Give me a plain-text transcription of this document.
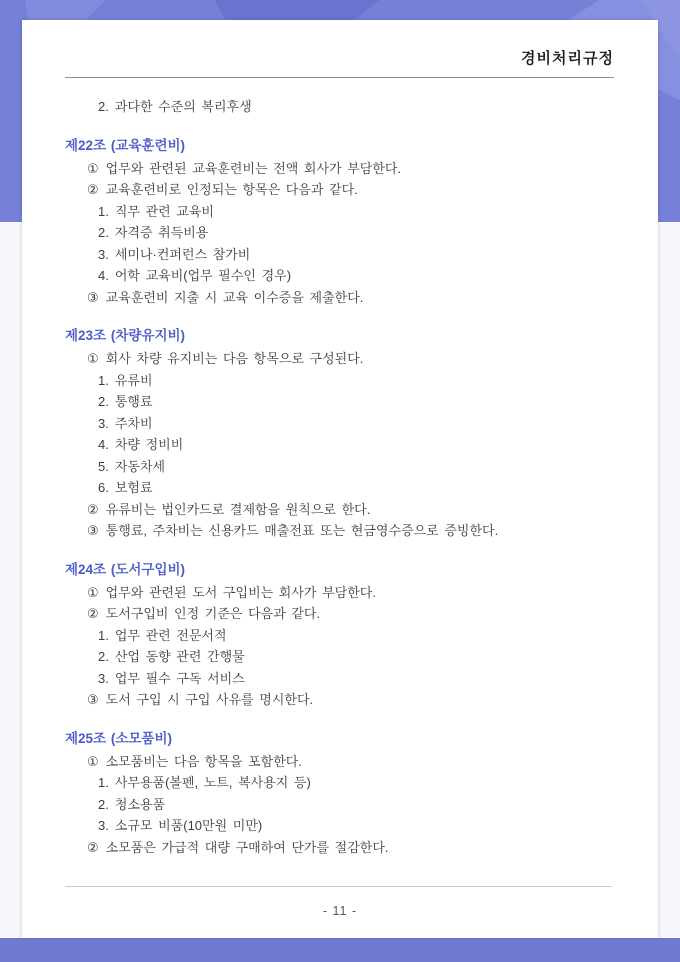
경비처리규정

2. 과다한 수준의 복리후생

제22조 (교육훈련비)

① 업무와 관련된 교육훈련비는 전액 회사가 부담한다.

② 교육훈련비로 인정되는 항목은 다음과 같다.

1. 직무 관련 교육비

2. 자격증 취득비용

3. 세미나·컨퍼런스 참가비

4. 어학 교육비(업무 필수인 경우)

③ 교육훈련비 지출 시 교육 이수증을 제출한다.

제23조 (차량유지비)

① 회사 차량 유지비는 다음 항목으로 구성된다.

1. 유류비

2. 통행료

3. 주차비

4. 차량 정비비

5. 자동차세

6. 보험료

② 유류비는 법인카드로 결제함을 원칙으로 한다.

③ 통행료, 주차비는 신용카드 매출전표 또는 현금영수증으로 증빙한다.

제24조 (도서구입비)

① 업무와 관련된 도서 구입비는 회사가 부담한다.

② 도서구입비 인정 기준은 다음과 같다.

1. 업무 관련 전문서적

2. 산업 동향 관련 간행물

3. 업무 필수 구독 서비스

③ 도서 구입 시 구입 사유를 명시한다.

제25조 (소모품비)

① 소모품비는 다음 항목을 포함한다.

1. 사무용품(볼펜, 노트, 복사용지 등)

2. 청소용품

3. 소규모 비품(10만원 미만)

② 소모품은 가급적 대량 구매하여 단가를 절감한다.

- 11 -
